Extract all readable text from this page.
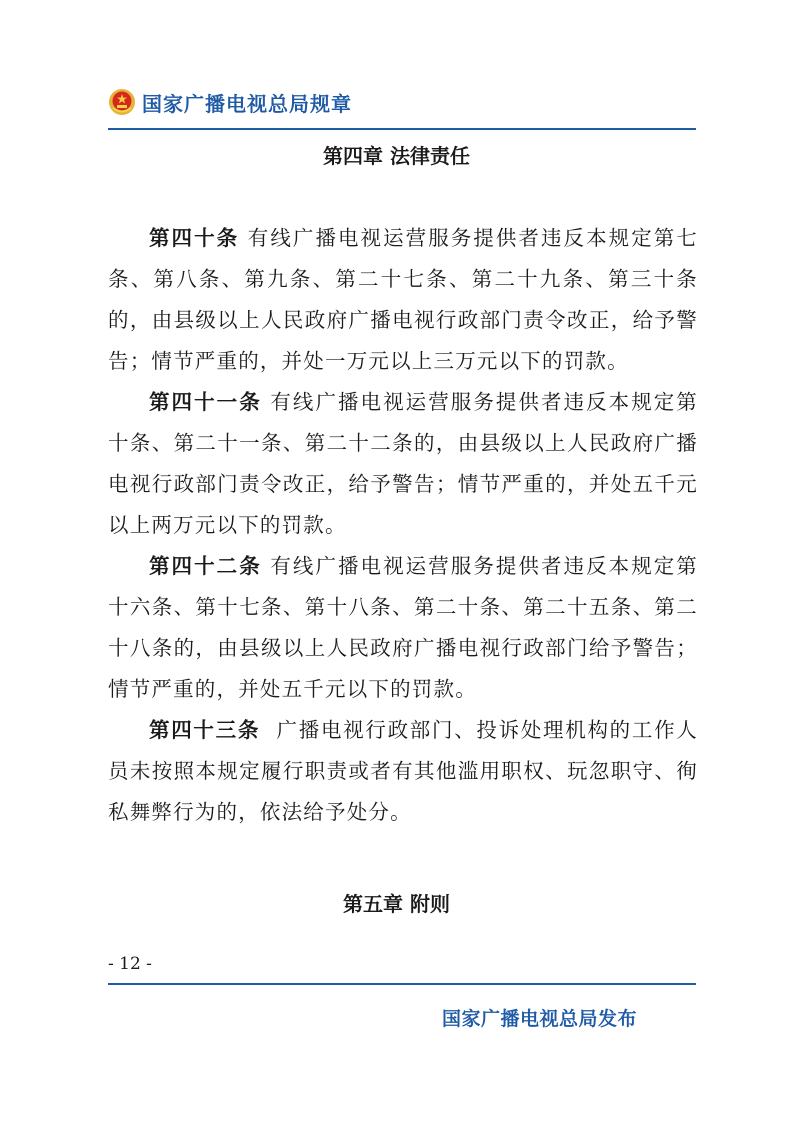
国家广播电视总局规章
第四章 法律责任

第四十条 有线广播电视运营服务提供者违反本规定第七条、第八条、第九条、第二十七条、第二十九条、第三十条的，由县级以上人民政府广播电视行政部门责令改正，给予警告；情节严重的，并处一万元以上三万元以下的罚款。

第四十一条 有线广播电视运营服务提供者违反本规定第十条、第二十一条、第二十二条的，由县级以上人民政府广播电视行政部门责令改正，给予警告；情节严重的，并处五千元以上两万元以下的罚款。

第四十二条 有线广播电视运营服务提供者违反本规定第十六条、第十七条、第十八条、第二十条、第二十五条、第二十八条的，由县级以上人民政府广播电视行政部门给予警告；情节严重的，并处五千元以下的罚款。

第四十三条  广播电视行政部门、投诉处理机构的工作人员未按照本规定履行职责或者有其他滥用职权、玩忽职守、徇私舞弊行为的，依法给予处分。

第五章 附则
- 12 -
国家广播电视总局发布
